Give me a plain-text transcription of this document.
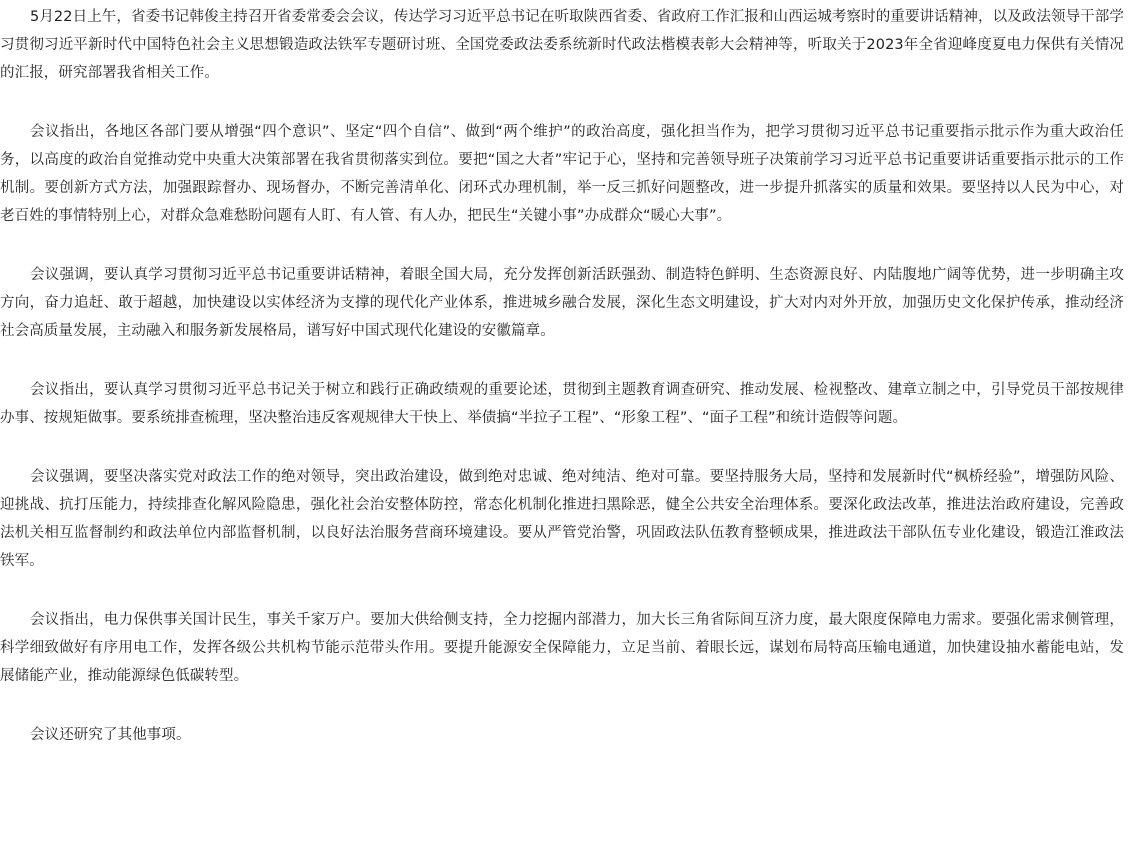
5月22日上午，省委书记韩俊主持召开省委常委会会议，传达学习习近平总书记在听取陕西省委、省政府工作汇报和山西运城考察时的重要讲话精神，以及政法领导干部学习贯彻习近平新时代中国特色社会主义思想锻造政法铁军专题研讨班、全国党委政法委系统新时代政法楷模表彰大会精神等，听取关于2023年全省迎峰度夏电力保供有关情况的汇报，研究部署我省相关工作。

会议指出，各地区各部门要从增强“四个意识”、坚定“四个自信”、做到“两个维护”的政治高度，强化担当作为，把学习贯彻习近平总书记重要指示批示作为重大政治任务，以高度的政治自觉推动党中央重大决策部署在我省贯彻落实到位。要把“国之大者”牢记于心，坚持和完善领导班子决策前学习习近平总书记重要讲话重要指示批示的工作机制。要创新方式方法，加强跟踪督办、现场督办，不断完善清单化、闭环式办理机制，举一反三抓好问题整改，进一步提升抓落实的质量和效果。要坚持以人民为中心，对老百姓的事情特别上心，对群众急难愁盼问题有人盯、有人管、有人办，把民生“关键小事”办成群众“暖心大事”。

会议强调，要认真学习贯彻习近平总书记重要讲话精神，着眼全国大局，充分发挥创新活跃强劲、制造特色鲜明、生态资源良好、内陆腹地广阔等优势，进一步明确主攻方向，奋力追赶、敢于超越，加快建设以实体经济为支撑的现代化产业体系，推进城乡融合发展，深化生态文明建设，扩大对内对外开放，加强历史文化保护传承，推动经济社会高质量发展，主动融入和服务新发展格局，谱写好中国式现代化建设的安徽篇章。

会议指出，要认真学习贯彻习近平总书记关于树立和践行正确政绩观的重要论述，贯彻到主题教育调查研究、推动发展、检视整改、建章立制之中，引导党员干部按规律办事、按规矩做事。要系统排查梳理，坚决整治违反客观规律大干快上、举债搞“半拉子工程”、“形象工程”、“面子工程”和统计造假等问题。

会议强调，要坚决落实党对政法工作的绝对领导，突出政治建设，做到绝对忠诚、绝对纯洁、绝对可靠。要坚持服务大局，坚持和发展新时代“枫桥经验”，增强防风险、迎挑战、抗打压能力，持续排查化解风险隐患，强化社会治安整体防控，常态化机制化推进扫黑除恶，健全公共安全治理体系。要深化政法改革，推进法治政府建设，完善政法机关相互监督制约和政法单位内部监督机制，以良好法治服务营商环境建设。要从严管党治警，巩固政法队伍教育整顿成果，推进政法干部队伍专业化建设，锻造江淮政法铁军。

会议指出，电力保供事关国计民生，事关千家万户。要加大供给侧支持，全力挖掘内部潜力，加大长三角省际间互济力度，最大限度保障电力需求。要强化需求侧管理，科学细致做好有序用电工作，发挥各级公共机构节能示范带头作用。要提升能源安全保障能力，立足当前、着眼长远，谋划布局特高压输电通道，加快建设抽水蓄能电站，发展储能产业，推动能源绿色低碳转型。

会议还研究了其他事项。
